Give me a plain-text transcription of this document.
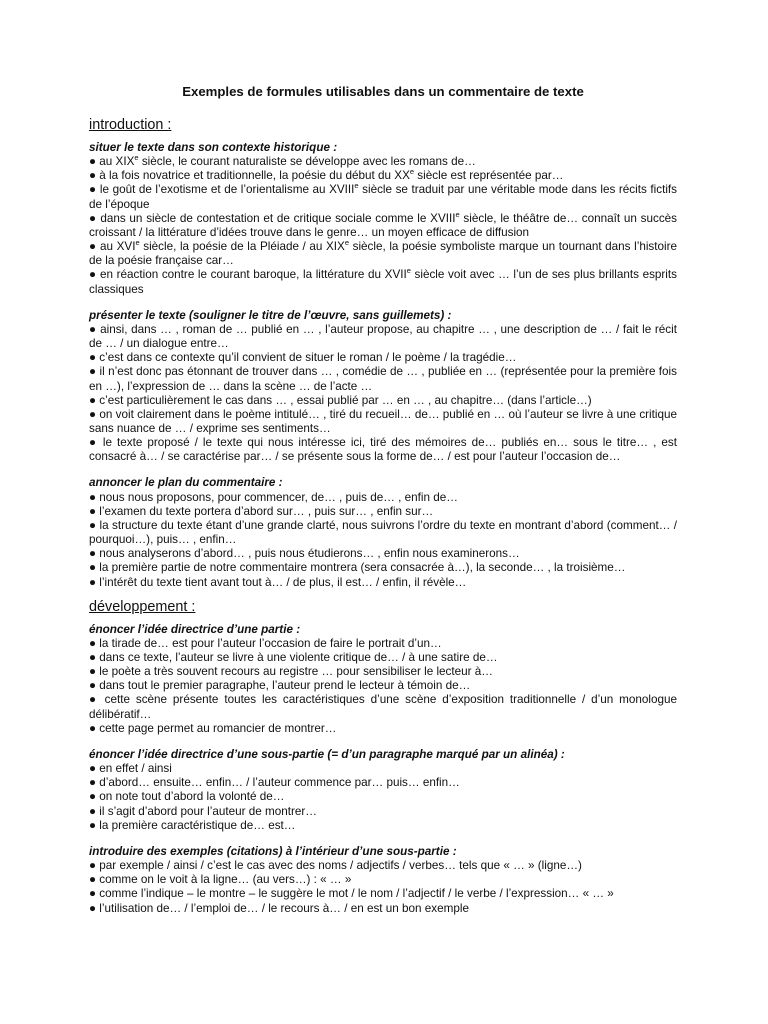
Exemples de formules utilisables dans un commentaire de texte
introduction :
situer le texte dans son contexte historique :
● au XIXe siècle, le courant naturaliste se développe avec les romans de…
● à la fois novatrice et traditionnelle, la poésie du début du XXe siècle est représentée par…
● le goût de l’exotisme et de l’orientalisme au XVIIIe siècle se traduit par une véritable mode dans les récits fictifs de l’époque
● dans un siècle de contestation et de critique sociale comme le XVIIIe siècle, le théâtre de… connaît un succès croissant / la littérature d’idées trouve dans le genre… un moyen efficace de diffusion
● au XVIe siècle, la poésie de la Pléiade / au XIXe siècle, la poésie symboliste marque un tournant dans l’histoire de la poésie française car…
● en réaction contre le courant baroque, la littérature du XVIIe siècle voit avec … l’un de ses plus brillants esprits classiques
présenter le texte (souligner le titre de l’œuvre, sans guillemets) :
● ainsi, dans … , roman de … publié en … , l’auteur propose, au chapitre … , une description de … / fait le récit de … / un dialogue entre…
● c’est dans ce contexte qu’il convient de situer le roman / le poème / la tragédie…
● il n’est donc pas étonnant de trouver dans … , comédie de … , publiée en … (représentée pour la première fois en …), l’expression de … dans la scène … de l’acte …
● c’est particulièrement le cas dans … , essai publié par … en … , au chapitre… (dans l’article…)
● on voit clairement dans le poème intitulé… , tiré du recueil… de… publié en … où l’auteur se livre à une critique sans nuance de … / exprime ses sentiments…
● le texte proposé / le texte qui nous intéresse ici, tiré des mémoires de… publiés en… sous le titre… , est consacré à… / se caractérise par… / se présente sous la forme de… / est pour l’auteur l’occasion de…
annoncer le plan du commentaire :
● nous nous proposons, pour commencer, de… , puis de… , enfin de…
● l’examen du texte portera d’abord sur… , puis sur… , enfin sur…
● la structure du texte étant d’une grande clarté, nous suivrons l’ordre du texte en montrant d’abord (comment… / pourquoi…), puis… , enfin…
● nous analyserons d’abord… , puis nous étudierons… , enfin nous examinerons…
● la première partie de notre commentaire montrera (sera consacrée à…), la seconde… , la troisième…
● l’intérêt du texte tient avant tout à… / de plus, il est… / enfin, il révèle…
développement :
énoncer l’idée directrice d’une partie :
● la tirade de… est pour l’auteur l’occasion de faire le portrait d’un…
● dans ce texte, l’auteur se livre à une violente critique de… / à une satire de…
● le poète a très souvent recours au registre … pour sensibiliser le lecteur à…
● dans tout le premier paragraphe, l’auteur prend le lecteur à témoin de…
● cette scène présente toutes les caractéristiques d’une scène d’exposition traditionnelle / d’un monologue délibératif…
● cette page permet au romancier de montrer…
énoncer l’idée directrice d’une sous-partie (= d’un paragraphe marqué par un alinéa) :
● en effet / ainsi
● d’abord… ensuite… enfin… / l’auteur commence par… puis… enfin…
● on note tout d’abord la volonté de…
● il s’agit d’abord pour l’auteur de montrer…
● la première caractéristique de… est…
introduire des exemples (citations) à l’intérieur d’une sous-partie :
● par exemple / ainsi / c’est le cas avec des noms / adjectifs / verbes… tels que « … » (ligne…)
● comme on le voit à la ligne… (au vers…) : « … »
● comme l’indique – le montre – le suggère le mot / le nom / l’adjectif / le verbe / l’expression… « … »
● l’utilisation de… / l’emploi de… / le recours à… / en est un bon exemple
